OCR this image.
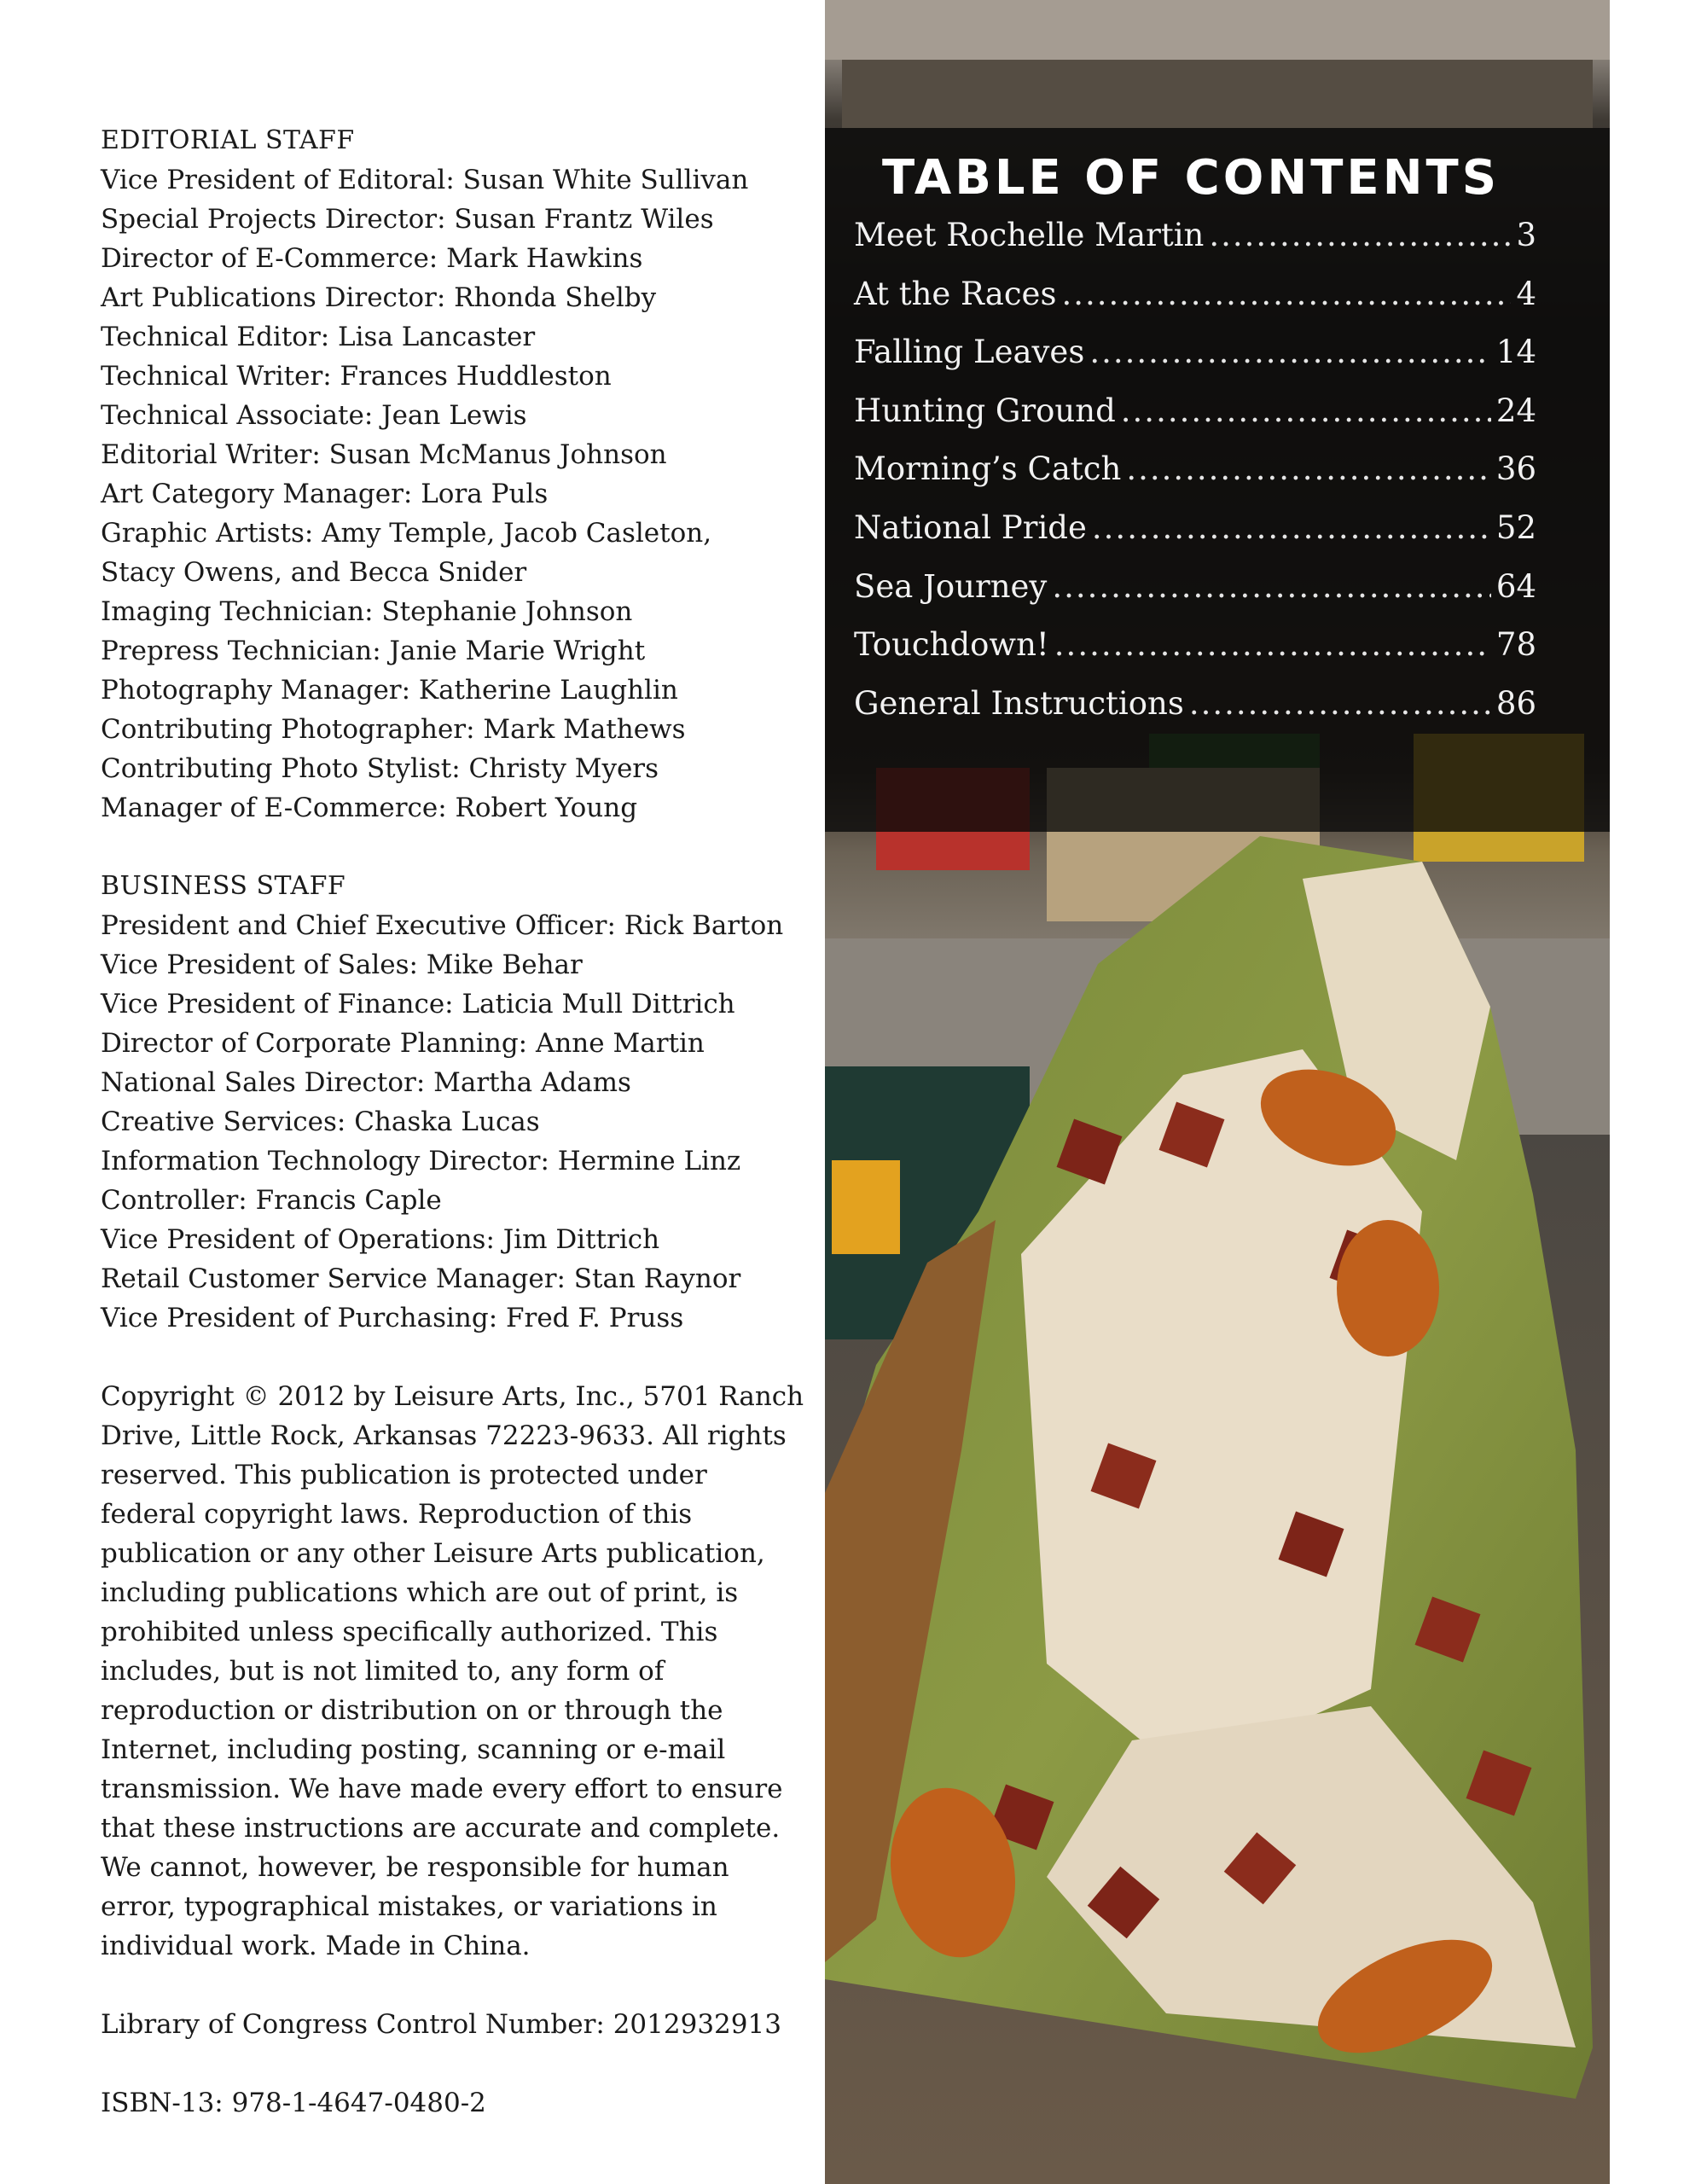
EDITORIAL STAFF
Vice President of Editoral: Susan White Sullivan
Special Projects Director: Susan Frantz Wiles
Director of E-Commerce: Mark Hawkins
Art Publications Director: Rhonda Shelby
Technical Editor: Lisa Lancaster
Technical Writer: Frances Huddleston
Technical Associate: Jean Lewis
Editorial Writer: Susan McManus Johnson
Art Category Manager: Lora Puls
Graphic Artists: Amy Temple, Jacob Casleton,
Stacy Owens, and Becca Snider
Imaging Technician: Stephanie Johnson
Prepress Technician: Janie Marie Wright
Photography Manager: Katherine Laughlin
Contributing Photographer: Mark Mathews
Contributing Photo Stylist: Christy Myers
Manager of E-Commerce: Robert Young
BUSINESS STAFF
President and Chief Executive Officer: Rick Barton
Vice President of Sales: Mike Behar
Vice President of Finance: Laticia Mull Dittrich
Director of Corporate Planning: Anne Martin
National Sales Director: Martha Adams
Creative Services: Chaska Lucas
Information Technology Director: Hermine Linz
Controller: Francis Caple
Vice President of Operations: Jim Dittrich
Retail Customer Service Manager: Stan Raynor
Vice President of Purchasing: Fred F. Pruss

Copyright © 2012 by Leisure Arts, Inc., 5701 Ranch Drive, Little Rock, Arkansas 72223-9633. All rights reserved. This publication is protected under federal copyright laws. Reproduction of this publication or any other Leisure Arts publication, including publications which are out of print, is prohibited unless specifically authorized. This includes, but is not limited to, any form of reproduction or distribution on or through the Internet, including posting, scanning or e-mail transmission. We have made every effort to ensure that these instructions are accurate and complete. We cannot, however, be responsible for human error, typographical mistakes, or variations in individual work. Made in China.

Library of Congress Control Number: 2012932913
ISBN-13: 978-1-4647-0480-2
TABLE OF CONTENTS
Meet Rochelle Martin .....	3
At the Races .....	4
Falling Leaves .....	14
Hunting Ground .....	24
Morning’s Catch .....	36
National Pride .....	52
Sea Journey .....	64
Touchdown! .....	78
General Instructions .....	86
